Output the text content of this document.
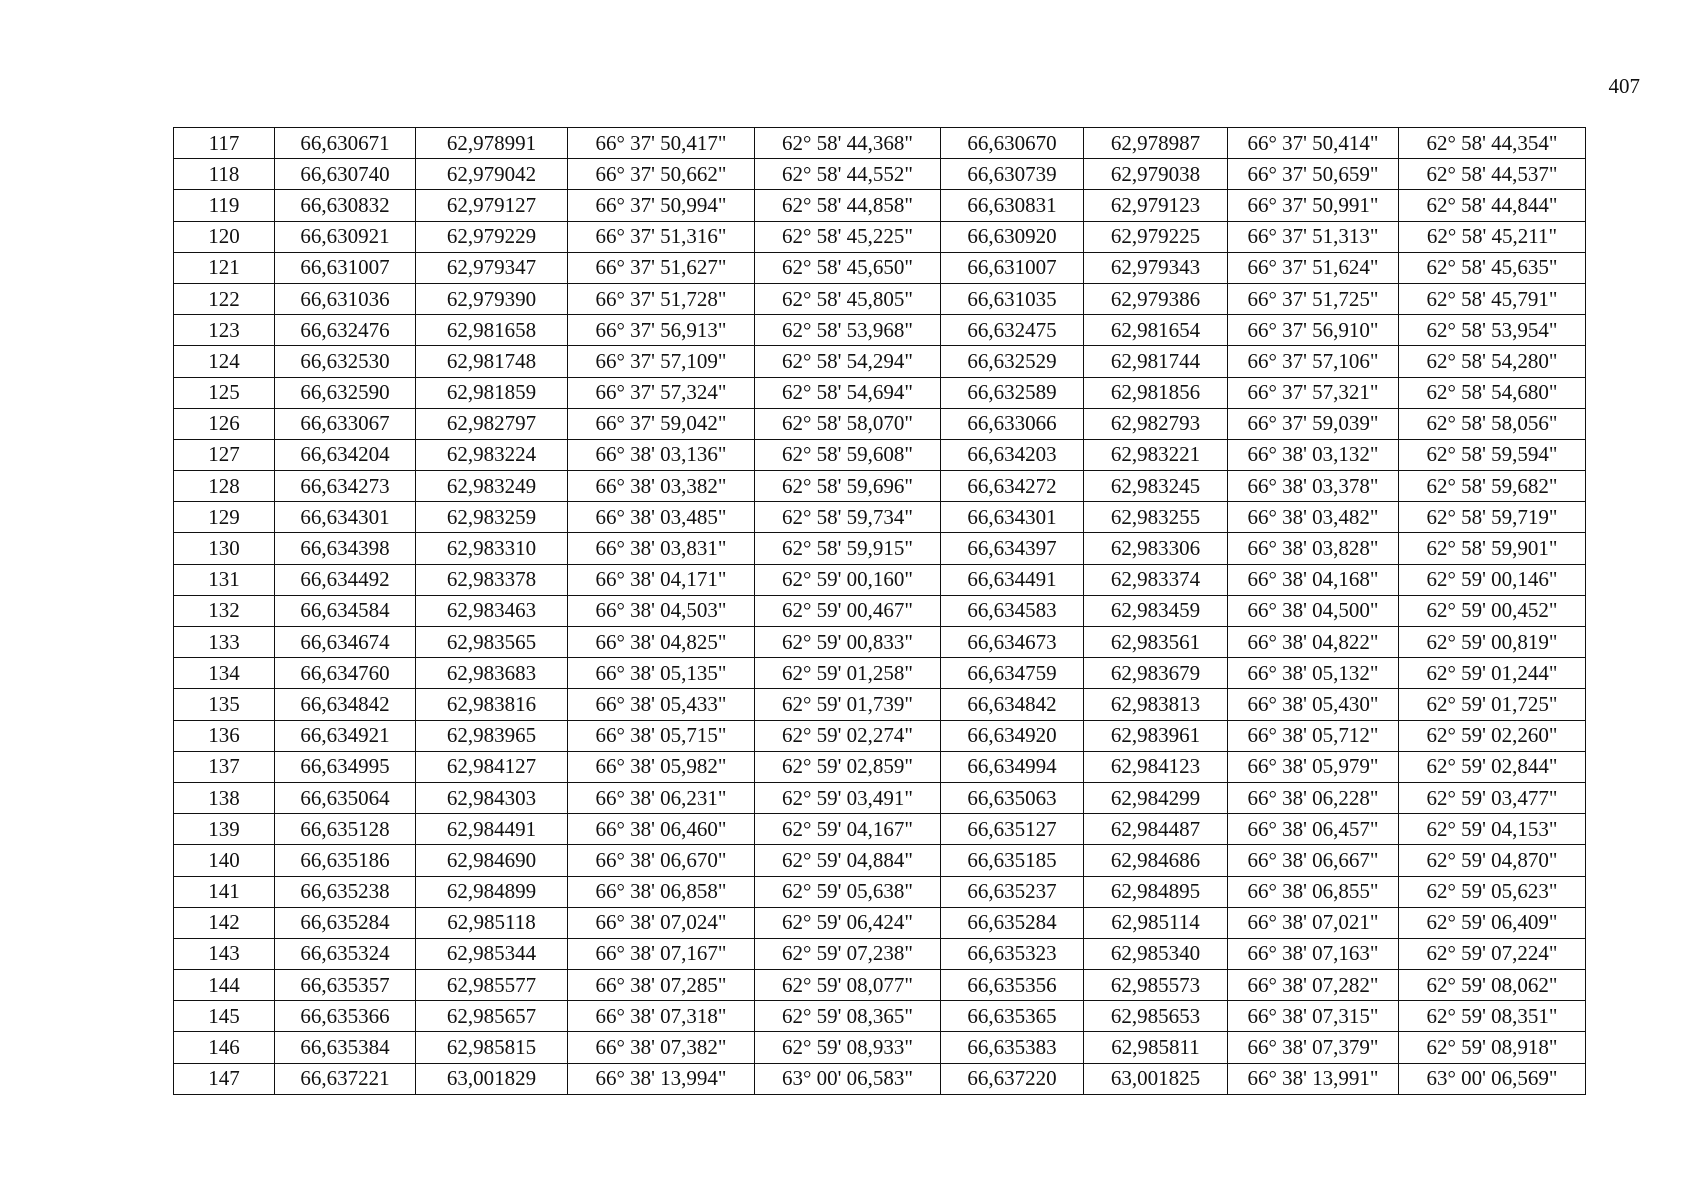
407
117	66,630671	62,978991	66° 37' 50,417"	62° 58' 44,368"	66,630670	62,978987	66° 37' 50,414"	62° 58' 44,354"
118	66,630740	62,979042	66° 37' 50,662"	62° 58' 44,552"	66,630739	62,979038	66° 37' 50,659"	62° 58' 44,537"
119	66,630832	62,979127	66° 37' 50,994"	62° 58' 44,858"	66,630831	62,979123	66° 37' 50,991"	62° 58' 44,844"
120	66,630921	62,979229	66° 37' 51,316"	62° 58' 45,225"	66,630920	62,979225	66° 37' 51,313"	62° 58' 45,211"
121	66,631007	62,979347	66° 37' 51,627"	62° 58' 45,650"	66,631007	62,979343	66° 37' 51,624"	62° 58' 45,635"
122	66,631036	62,979390	66° 37' 51,728"	62° 58' 45,805"	66,631035	62,979386	66° 37' 51,725"	62° 58' 45,791"
123	66,632476	62,981658	66° 37' 56,913"	62° 58' 53,968"	66,632475	62,981654	66° 37' 56,910"	62° 58' 53,954"
124	66,632530	62,981748	66° 37' 57,109"	62° 58' 54,294"	66,632529	62,981744	66° 37' 57,106"	62° 58' 54,280"
125	66,632590	62,981859	66° 37' 57,324"	62° 58' 54,694"	66,632589	62,981856	66° 37' 57,321"	62° 58' 54,680"
126	66,633067	62,982797	66° 37' 59,042"	62° 58' 58,070"	66,633066	62,982793	66° 37' 59,039"	62° 58' 58,056"
127	66,634204	62,983224	66° 38' 03,136"	62° 58' 59,608"	66,634203	62,983221	66° 38' 03,132"	62° 58' 59,594"
128	66,634273	62,983249	66° 38' 03,382"	62° 58' 59,696"	66,634272	62,983245	66° 38' 03,378"	62° 58' 59,682"
129	66,634301	62,983259	66° 38' 03,485"	62° 58' 59,734"	66,634301	62,983255	66° 38' 03,482"	62° 58' 59,719"
130	66,634398	62,983310	66° 38' 03,831"	62° 58' 59,915"	66,634397	62,983306	66° 38' 03,828"	62° 58' 59,901"
131	66,634492	62,983378	66° 38' 04,171"	62° 59' 00,160"	66,634491	62,983374	66° 38' 04,168"	62° 59' 00,146"
132	66,634584	62,983463	66° 38' 04,503"	62° 59' 00,467"	66,634583	62,983459	66° 38' 04,500"	62° 59' 00,452"
133	66,634674	62,983565	66° 38' 04,825"	62° 59' 00,833"	66,634673	62,983561	66° 38' 04,822"	62° 59' 00,819"
134	66,634760	62,983683	66° 38' 05,135"	62° 59' 01,258"	66,634759	62,983679	66° 38' 05,132"	62° 59' 01,244"
135	66,634842	62,983816	66° 38' 05,433"	62° 59' 01,739"	66,634842	62,983813	66° 38' 05,430"	62° 59' 01,725"
136	66,634921	62,983965	66° 38' 05,715"	62° 59' 02,274"	66,634920	62,983961	66° 38' 05,712"	62° 59' 02,260"
137	66,634995	62,984127	66° 38' 05,982"	62° 59' 02,859"	66,634994	62,984123	66° 38' 05,979"	62° 59' 02,844"
138	66,635064	62,984303	66° 38' 06,231"	62° 59' 03,491"	66,635063	62,984299	66° 38' 06,228"	62° 59' 03,477"
139	66,635128	62,984491	66° 38' 06,460"	62° 59' 04,167"	66,635127	62,984487	66° 38' 06,457"	62° 59' 04,153"
140	66,635186	62,984690	66° 38' 06,670"	62° 59' 04,884"	66,635185	62,984686	66° 38' 06,667"	62° 59' 04,870"
141	66,635238	62,984899	66° 38' 06,858"	62° 59' 05,638"	66,635237	62,984895	66° 38' 06,855"	62° 59' 05,623"
142	66,635284	62,985118	66° 38' 07,024"	62° 59' 06,424"	66,635284	62,985114	66° 38' 07,021"	62° 59' 06,409"
143	66,635324	62,985344	66° 38' 07,167"	62° 59' 07,238"	66,635323	62,985340	66° 38' 07,163"	62° 59' 07,224"
144	66,635357	62,985577	66° 38' 07,285"	62° 59' 08,077"	66,635356	62,985573	66° 38' 07,282"	62° 59' 08,062"
145	66,635366	62,985657	66° 38' 07,318"	62° 59' 08,365"	66,635365	62,985653	66° 38' 07,315"	62° 59' 08,351"
146	66,635384	62,985815	66° 38' 07,382"	62° 59' 08,933"	66,635383	62,985811	66° 38' 07,379"	62° 59' 08,918"
147	66,637221	63,001829	66° 38' 13,994"	63° 00' 06,583"	66,637220	63,001825	66° 38' 13,991"	63° 00' 06,569"
